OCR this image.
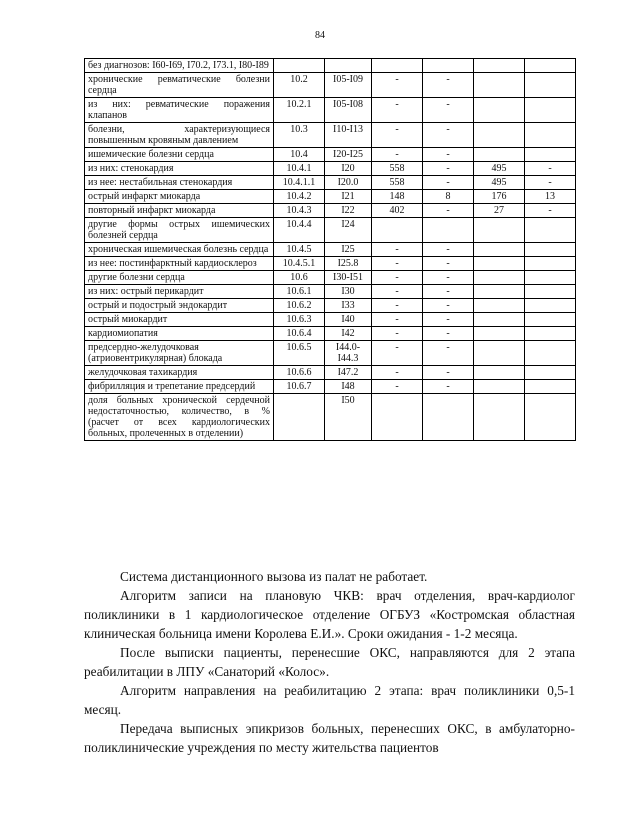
84
без диагнозов: I60-I69, I70.2, I73.1, I80-I89						
хронические ревматические болезни сердца	10.2	I05-I09	-	-		
из них: ревматические поражения клапанов	10.2.1	I05-I08	-	-		
болезни, характеризующиеся повышенным кровяным давлением	10.3	I10-I13	-	-		
ишемические болезни сердца	10.4	I20-I25	-	-		
из них: стенокардия	10.4.1	I20	558	-	495	-
из нее: нестабильная стенокардия	10.4.1.1	I20.0	558	-	495	-
острый инфаркт миокарда	10.4.2	I21	148	8	176	13
повторный инфаркт миокарда	10.4.3	I22	402	-	27	-
другие формы острых ишемических болезней сердца	10.4.4	I24				
хроническая ишемическая болезнь сердца	10.4.5	I25	-	-		
из нее: постинфарктный кардиосклероз	10.4.5.1	I25.8	-	-		
другие болезни сердца	10.6	I30-I51	-	-		
из них: острый перикардит	10.6.1	I30	-	-		
острый и подострый эндокардит	10.6.2	I33	-	-		
острый миокардит	10.6.3	I40	-	-		
кардиомиопатия	10.6.4	I42	-	-		
предсердно-желудочковая (атриовентрикулярная) блокада	10.6.5	I44.0-I44.3	-	-		
желудочковая тахикардия	10.6.6	I47.2	-	-		
фибрилляция и трепетание предсердий	10.6.7	I48	-	-		
доля больных хронической сердечной недостаточностью, количество, в % (расчет от всех кардиологических больных, пролеченных в отделении)		I50				

Система дистанционного вызова из палат не работает.

Алгоритм записи на плановую ЧКВ: врач отделения, врач-кардиолог поликлиники в 1 кардиологическое отделение ОГБУЗ «Костромская областная клиническая больница имени Королева Е.И.». Сроки ожидания - 1-2 месяца.

После выписки пациенты, перенесшие ОКС, направляются для 2 этапа реабилитации в ЛПУ «Санаторий «Колос».

Алгоритм направления на реабилитацию 2 этапа: врач поликлиники 0,5-1 месяц.

Передача выписных эпикризов больных, перенесших ОКС, в амбулаторно-поликлинические учреждения по месту жительства пациентов
